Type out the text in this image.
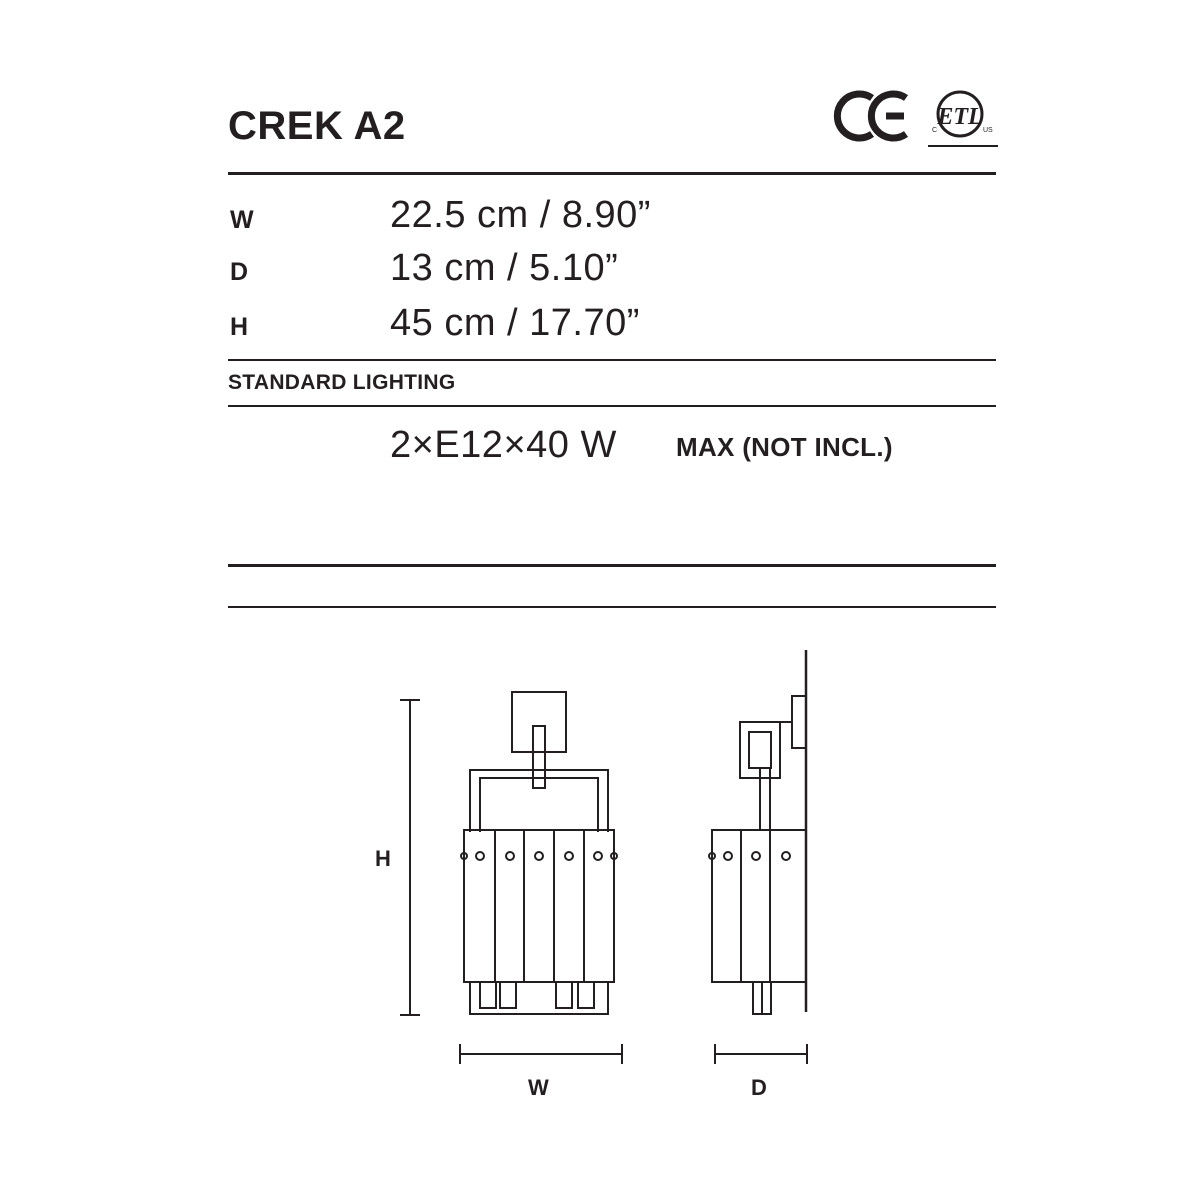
CREK A2	ETL
C	US
W	22.5 cm / 8.90”
D	13 cm / 5.10”
H	45 cm / 17.70”
STANDARD LIGHTING
2×E12×40 W MAX (NOT INCL.)
H
W	D
